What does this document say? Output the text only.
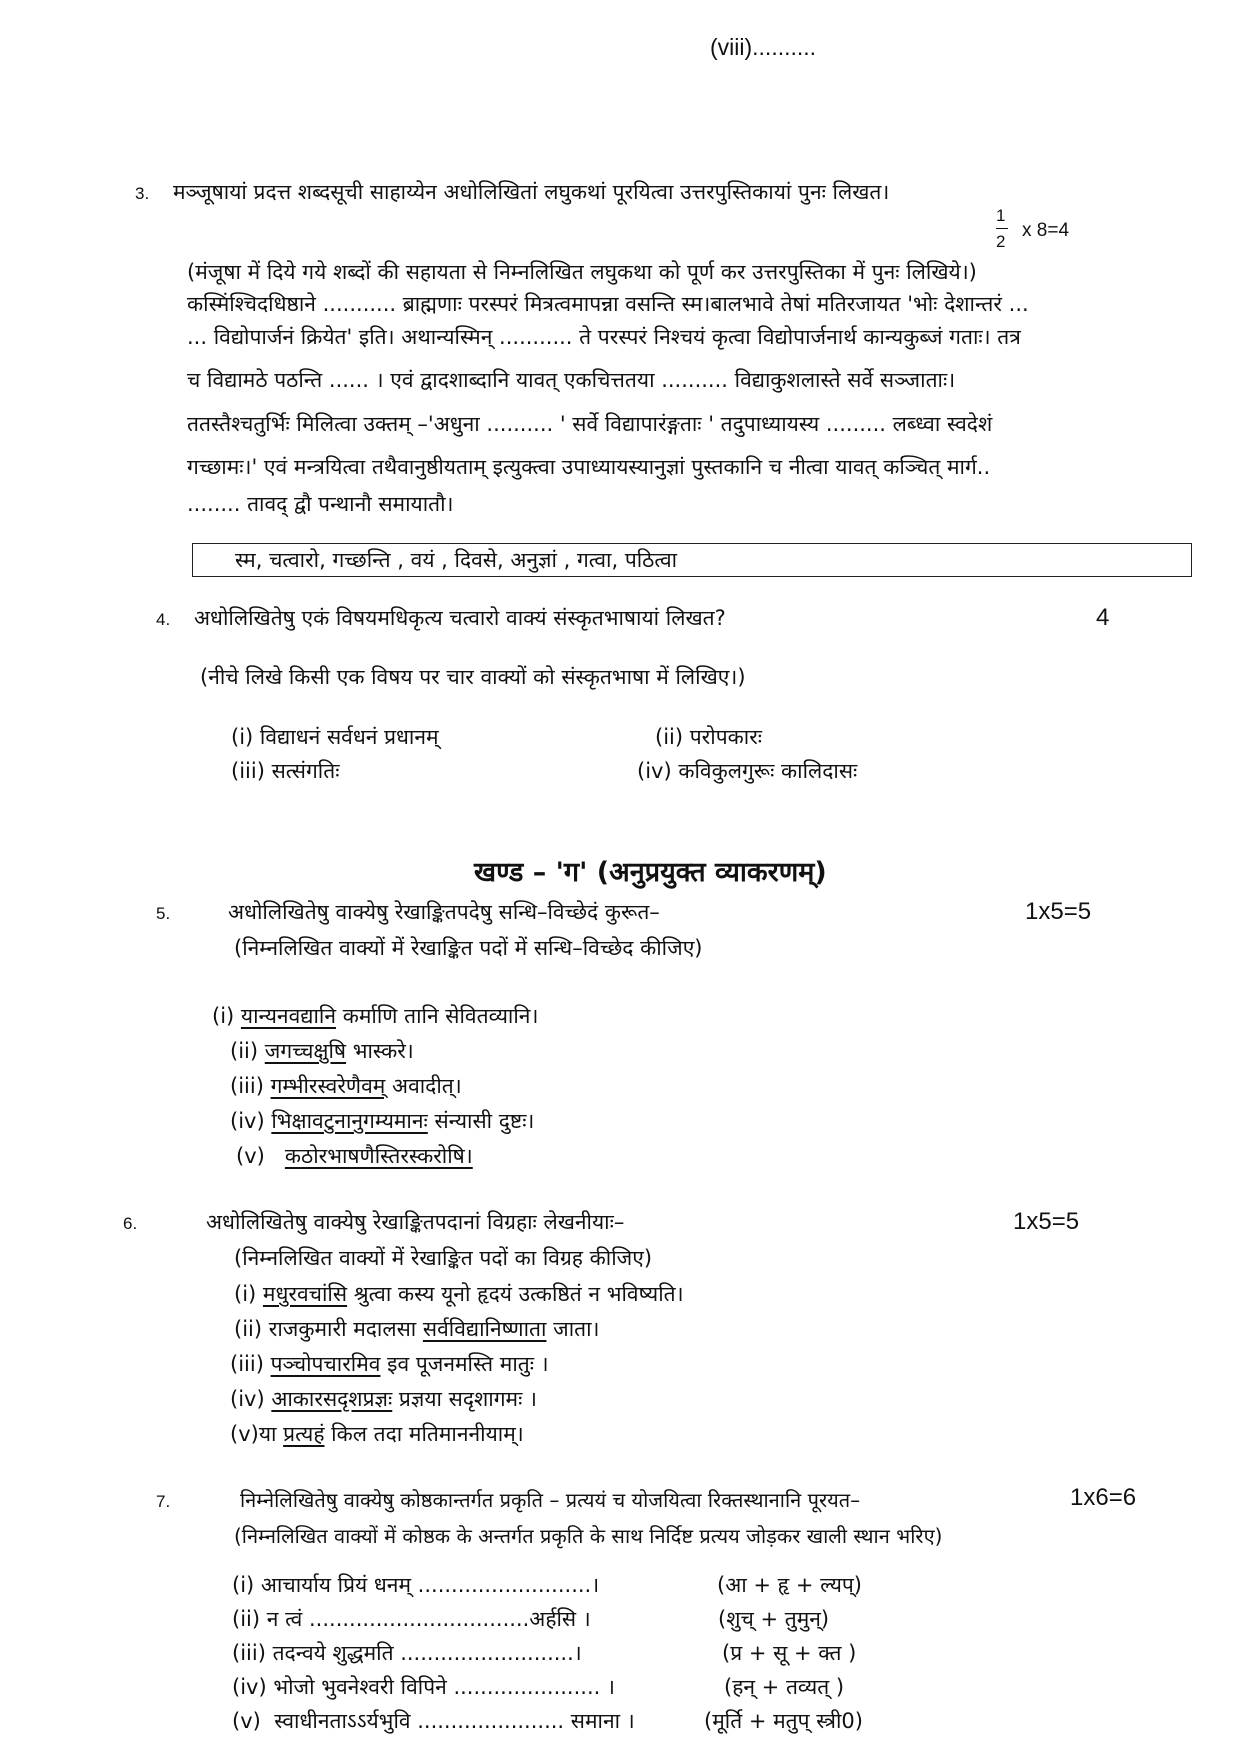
(viii)..........
3. मञ्जूषायां प्रदत्त शब्दसूची साहाय्येन अधोलिखितां लघुकथां पूरयित्वा उत्तरपुस्तिकायां पुनः लिखत।
1
2
x 8=4
(मंजूषा में दिये गये शब्दों की सहायता से निम्नलिखित लघुकथा को पूर्ण कर उत्तरपुस्तिका में पुनः लिखिये।)
कस्मिंश्चिदधिष्ठाने ........... ब्राह्मणाः परस्परं मित्रत्वमापन्ना वसन्ति स्म।बालभावे तेषां मतिरजायत 'भोः देशान्तरं ...
... विद्योपार्जनं क्रियेत' इति। अथान्यस्मिन् ........... ते परस्परं निश्चयं कृत्वा विद्योपार्जनार्थ कान्यकुब्जं गताः। तत्र
च विद्यामठे पठन्ति ...... । एवं द्वादशाब्दानि यावत् एकचित्ततया .......... विद्याकुशलास्ते सर्वे सञ्जाताः।
ततस्तैश्चतुर्भिः मिलित्वा उक्तम् –'अधुना .......... ' सर्वे विद्यापारंङ्गताः ' तदुपाध्यायस्य ......... लब्ध्वा स्वदेशं
गच्छामः।' एवं मन्त्रयित्वा तथैवानुष्ठीयताम् इत्युक्त्वा उपाध्यायस्यानुज्ञां पुस्तकानि च नीत्वा यावत् कञ्चित् मार्ग..
........ तावद् द्वौ पन्थानौ समायातौ।
स्म, चत्वारो, गच्छन्ति , वयं , दिवसे, अनुज्ञां , गत्वा, पठित्वा
4. अधोलिखितेषु एकं विषयमधिकृत्य चत्वारो वाक्यं संस्कृतभाषायां लिखत?	4
(नीचे लिखे किसी एक विषय पर चार वाक्यों को संस्कृतभाषा में लिखिए।)
(i) विद्याधनं सर्वधनं प्रधानम्	(ii) परोपकारः
(iii) सत्संगतिः	(iv) कविकुलगुरूः कालिदासः
खण्ड – 'ग' (अनुप्रयुक्त व्याकरणम्)
5.	अधोलिखितेषु वाक्येषु रेखाङ्कितपदेषु सन्धि–विच्छेदं कुरूत–	1x5=5
(निम्नलिखित वाक्यों में रेखाङ्कित पदों में सन्धि–विच्छेद कीजिए)
(i) यान्यनवद्यानि कर्माणि तानि सेवितव्यानि।
(ii) जगच्चक्षुषि भास्करे।
(iii) गम्भीरस्वरेणैवम् अवादीत्।
(iv) भिक्षावटुनानुगम्यमानः संन्यासी दुष्टः।
(v) कठोरभाषणैस्तिरस्करोषि।
6.	अधोलिखितेषु वाक्येषु रेखाङ्कितपदानां विग्रहाः लेखनीयाः–	1x5=5
(निम्नलिखित वाक्यों में रेखाङ्कित पदों का विग्रह कीजिए)
(i) मधुरवचांसि श्रुत्वा कस्य यूनो हृदयं उत्कष्ठितं न भविष्यति।
(ii) राजकुमारी मदालसा सर्वविद्यानिष्णाता जाता।
(iii) पञ्चोपचारमिव इव पूजनमस्ति मातुः ।
(iv) आकारसदृशप्रज्ञः प्रज्ञया सदृशागमः ।
(v)या प्रत्यहं किल तदा मतिमाननीयाम्।
7.	निम्नेलिखितेषु वाक्येषु कोष्ठकान्तर्गत प्रकृति – प्रत्ययं च योजयित्वा रिक्तस्थानानि पूरयत–	1x6=6
(निम्नलिखित वाक्यों में कोष्ठक के अन्तर्गत प्रकृति के साथ निर्दिष्ट प्रत्यय जोड़कर खाली स्थान भरिए)
(i) आचार्याय प्रियं धनम् ..........................।	(आ + हृ + ल्यप्)
(ii) न त्वं .................................अर्हसि ।	(शुच् + तुमुन्)
(iii) तदन्वये शुद्धमति ..........................।	(प्र + सू + क्त )
(iv) भोजो भुवनेश्वरी विपिने ...................... ।	(हन् + तव्यत् )
(v) स्वाधीनताऽऽर्यभुवि ...................... समाना ।	(मूर्ति + मतुप् स्त्री0)
